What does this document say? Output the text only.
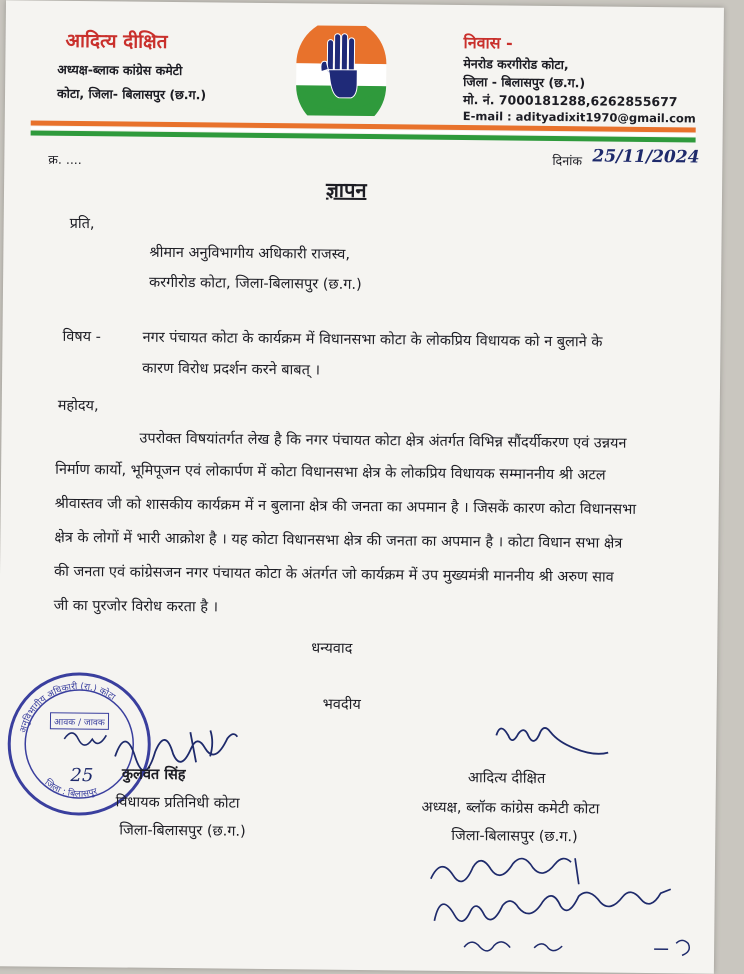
आदित्य दीक्षित
अध्यक्ष-ब्लाक कांग्रेस कमेटी
कोटा, जिला- बिलासपुर (छ.ग.)
निवास -
मेनरोड करगीरोड कोटा,
जिला - बिलासपुर (छ.ग.)
मो. नं. 7000181288,6262855677
E-mail : adityadixit1970@gmail.com
क्र. ....	दिनांक 25/11/2024
ज्ञापन
प्रति,
श्रीमान अनुविभागीय अधिकारी राजस्व,
करगीरोड कोटा, जिला-बिलासपुर (छ.ग.)
विषय -	नगर पंचायत कोटा के कार्यक्रम में विधानसभा कोटा के लोकप्रिय विधायक को न बुलाने के
कारण विरोध प्रदर्शन करने बाबत् ।
महोदय,
उपरोक्त विषयांतर्गत लेख है कि नगर पंचायत कोटा क्षेत्र अंतर्गत विभिन्न सौंदर्यीकरण एवं उन्नयन
निर्माण कार्यो, भूमिपूजन एवं लोकार्पण में कोटा विधानसभा क्षेत्र के लोकप्रिय विधायक सम्माननीय श्री अटल
श्रीवास्तव जी को शासकीय कार्यक्रम में न बुलाना क्षेत्र की जनता का अपमान है । जिसकें कारण कोटा विधानसभा
क्षेत्र के लोगों में भारी आक्रोश है । यह कोटा विधानसभा क्षेत्र की जनता का अपमान है । कोटा विधान सभा क्षेत्र
की जनता एवं कांग्रेसजन नगर पंचायत कोटा के अंतर्गत जो कार्यक्रम में उप मुख्यमंत्री माननीय श्री अरुण साव
जी का पुरजोर विरोध करता है ।
धन्यवाद
भवदीय
अनुविभागीय अधिकारी (रा.) कोटा
जिला : बिलासपुर
आवक / जावक
25 कुलवंत सिंह
विधायक प्रतिनिधी कोटा
जिला-बिलासपुर (छ.ग.)
आदित्य दीक्षित
अध्यक्ष, ब्लॉक कांग्रेस कमेटी कोटा
जिला-बिलासपुर (छ.ग.)
